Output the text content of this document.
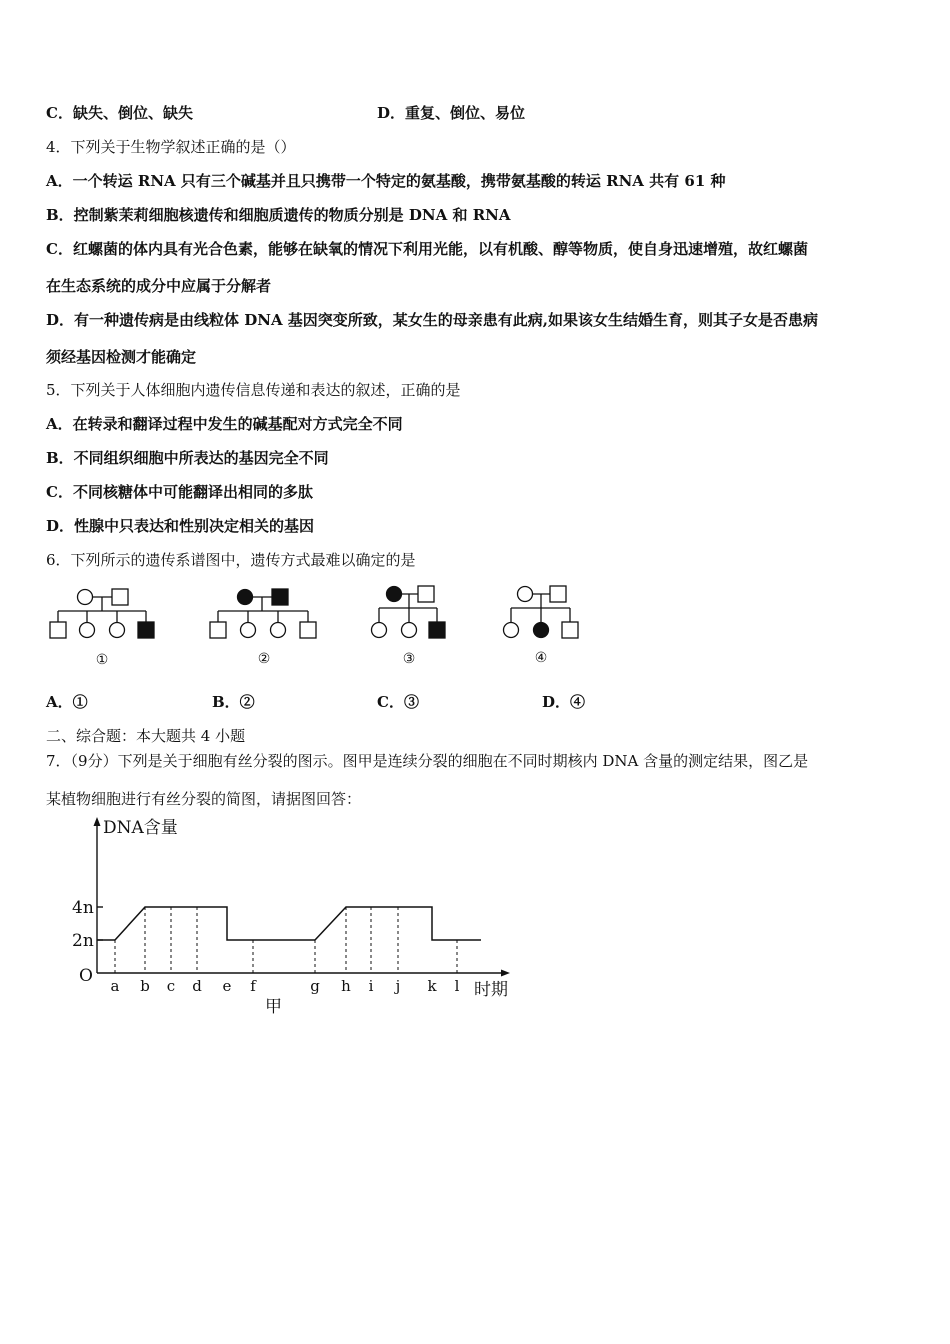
C．缺失、倒位、缺失	D．重复、倒位、易位
4．下列关于生物学叙述正确的是（）
A．一个转运 RNA 只有三个碱基并且只携带一个特定的氨基酸，携带氨基酸的转运 RNA 共有 61 种
B．控制紫茉莉细胞核遗传和细胞质遗传的物质分别是 DNA 和 RNA
C．红螺菌的体内具有光合色素，能够在缺氧的情况下利用光能，以有机酸、醇等物质，使自身迅速增殖，故红螺菌
在生态系统的成分中应属于分解者
D．有一种遗传病是由线粒体 DNA 基因突变所致，某女生的母亲患有此病,如果该女生结婚生育，则其子女是否患病
须经基因检测才能确定
5．下列关于人体细胞内遗传信息传递和表达的叙述，正确的是
A．在转录和翻译过程中发生的碱基配对方式完全不同
B．不同组织细胞中所表达的基因完全不同
C．不同核糖体中可能翻译出相同的多肽
D．性腺中只表达和性别决定相关的基因
6．下列所示的遗传系谱图中，遗传方式最难以确定的是
①	②	③	④
A．①	B．②	C．③	D．④
二、综合题：本大题共 4 小题
7．（9分）下列是关于细胞有丝分裂的图示。图甲是连续分裂的细胞在不同时期核内 DNA 含量的测定结果，图乙是
某植物细胞进行有丝分裂的简图，请据图回答：
DNA含量
时期
O
甲
2n
4n
a b c d e f	g h i j k l
